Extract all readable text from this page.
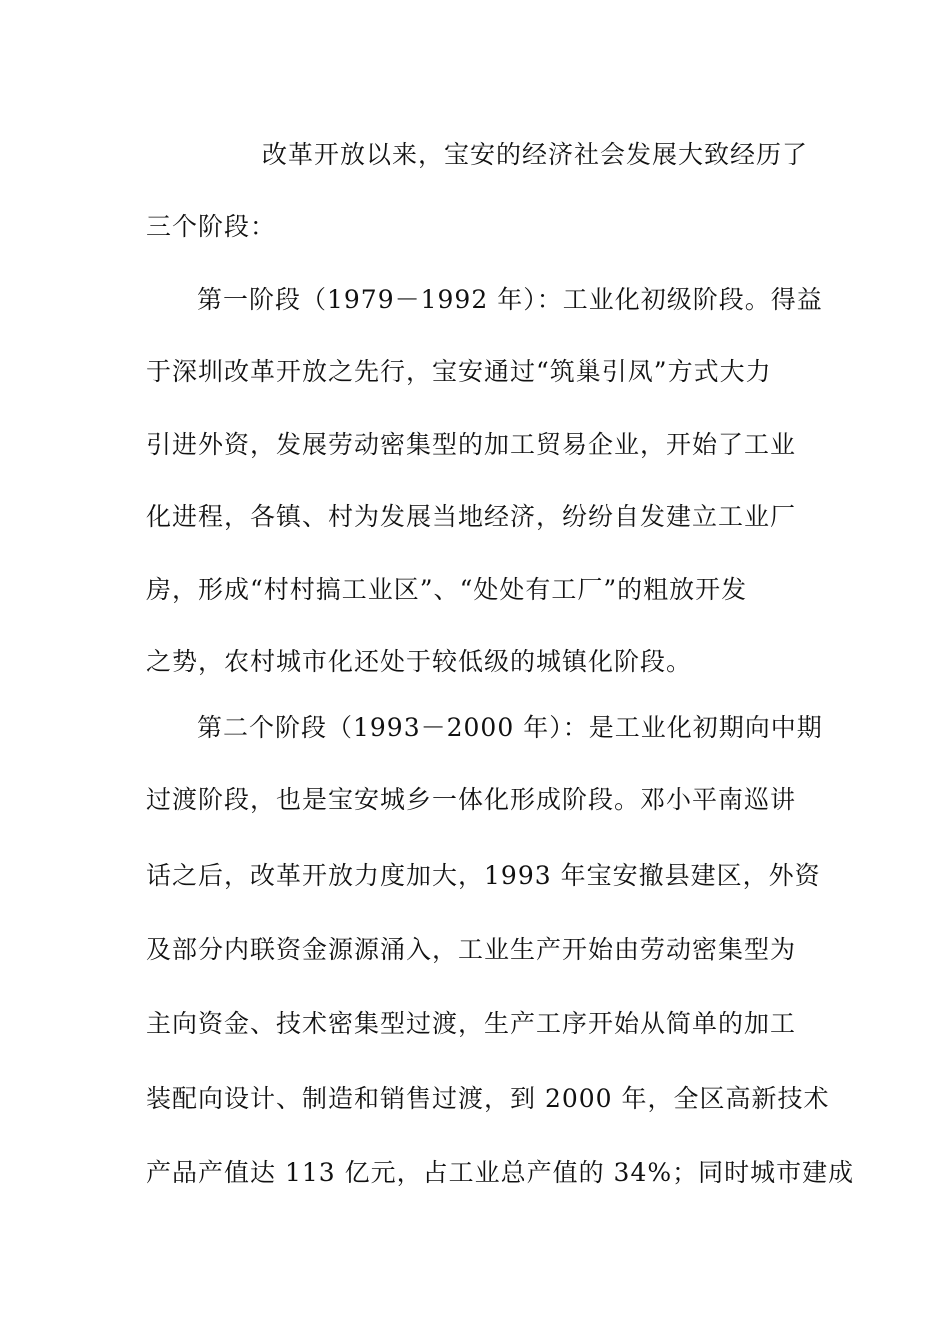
改革开放以来，宝安的经济社会发展大致经历了
三个阶段：
第一阶段（1979－1992 年）：工业化初级阶段。得益
于深圳改革开放之先行，宝安通过“筑巢引凤”方式大力
引进外资，发展劳动密集型的加工贸易企业，开始了工业
化进程，各镇、村为发展当地经济，纷纷自发建立工业厂
房，形成“村村搞工业区”、“处处有工厂”的粗放开发
之势，农村城市化还处于较低级的城镇化阶段。
第二个阶段（1993－2000 年）：是工业化初期向中期
过渡阶段，也是宝安城乡一体化形成阶段。邓小平南巡讲
话之后，改革开放力度加大，1993 年宝安撤县建区，外资
及部分内联资金源源涌入，工业生产开始由劳动密集型为
主向资金、技术密集型过渡，生产工序开始从简单的加工
装配向设计、制造和销售过渡，到 2000 年，全区高新技术
产品产值达 113 亿元，占工业总产值的 34%；同时城市建成
